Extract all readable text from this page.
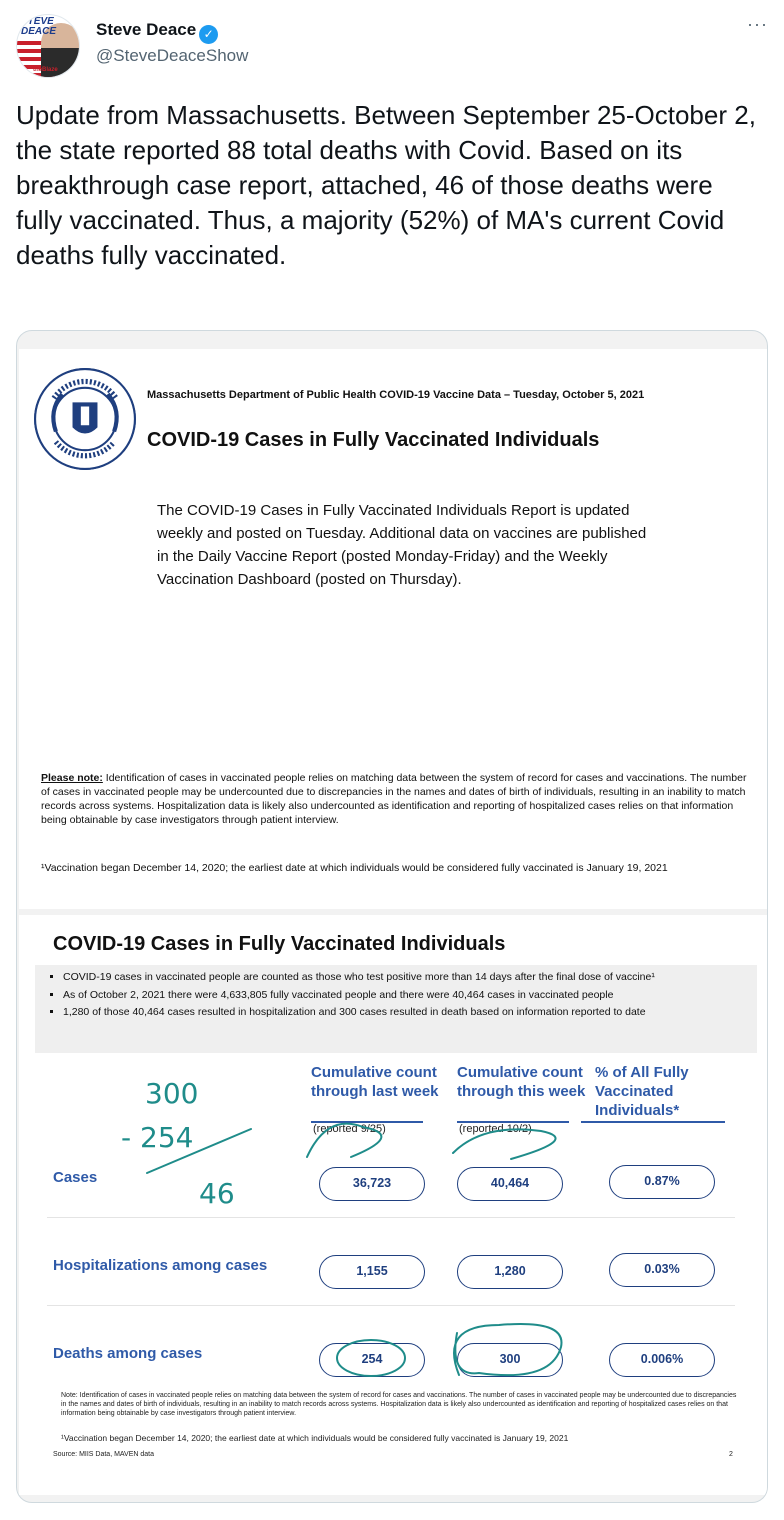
STEVE DEACE
theBlaze
Steve Deace ✓
@SteveDeaceShow
···
Update from Massachusetts. Between September 25-October 2, the state reported 88 total deaths with Covid. Based on its breakthrough case report, attached, 46 of those deaths were fully vaccinated. Thus, a majority (52%) of MA's current Covid deaths fully vaccinated.
Massachusetts Department of Public Health COVID-19 Vaccine Data – Tuesday, October 5, 2021
COVID-19 Cases in Fully Vaccinated Individuals
The COVID-19 Cases in Fully Vaccinated Individuals Report is updated weekly and posted on Tuesday. Additional data on vaccines are published in the Daily Vaccine Report (posted Monday-Friday) and the Weekly Vaccination Dashboard (posted on Thursday).
Please note: Identification of cases in vaccinated people relies on matching data between the system of record for cases and vaccinations. The number of cases in vaccinated people may be undercounted due to discrepancies in the names and dates of birth of individuals, resulting in an inability to match records across systems. Hospitalization data is likely also undercounted as identification and reporting of hospitalized cases relies on that information being obtainable by case investigators through patient interview.
¹Vaccination began December 14, 2020; the earliest date at which individuals would be considered fully vaccinated is January 19, 2021
COVID-19 Cases in Fully Vaccinated Individuals
▪ COVID-19 cases in vaccinated people are counted as those who test positive more than 14 days after the final dose of vaccine¹
▪ As of October 2, 2021 there were 4,633,805 fully vaccinated people and there were 40,464 cases in vaccinated people
▪ 1,280 of those 40,464 cases resulted in hospitalization and 300 cases resulted in death based on information reported to date
Cumulative count through last week
Cumulative count through this week
% of All Fully Vaccinated Individuals*
(reported 9/25)	(reported 10/2)
Cases	36,723	40,464	0.87%
Hospitalizations among cases	1,155	1,280	0.03%
Deaths among cases	254	300	0.006%
Note: Identification of cases in vaccinated people relies on matching data between the system of record for cases and vaccinations. The number of cases in vaccinated people may be undercounted due to discrepancies in the names and dates of birth of individuals, resulting in an inability to match records across systems. Hospitalization data is likely also undercounted as identification and reporting of hospitalized cases relies on that information being obtainable by case investigators through patient interview.
¹Vaccination began December 14, 2020; the earliest date at which individuals would be considered fully vaccinated is January 19, 2021
Source: MIIS Data, MAVEN data	2
300
- 254
46
